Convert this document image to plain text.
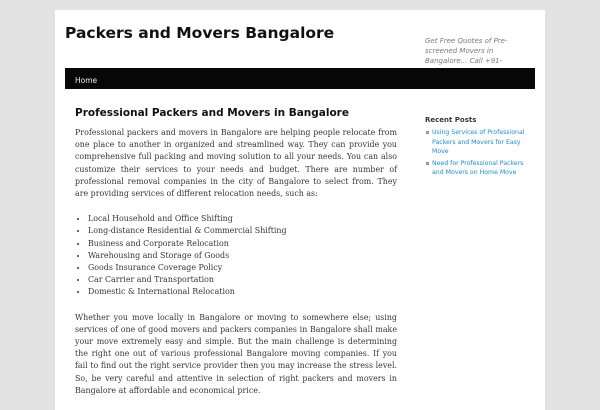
Packers and Movers Bangalore	Get Free Quotes of Pre-screened Movers in Bangalore... Call +91-

Home
Professional Packers and Movers in Bangalore

Professional packers and movers in Bangalore are helping people relocate from one place to another in organized and streamlined way. They can provide you comprehensive full packing and moving solution to all your needs. You can also customize their services to your needs and budget. There are number of professional removal companies in the city of Bangalore to select from. They are providing services of different relocation needs, such as:

• Local Household and Office Shifting
• Long-distance Residential & Commercial Shifting
• Business and Corporate Relocation
• Warehousing and Storage of Goods
• Goods Insurance Coverage Policy
• Car Carrier and Transportation
• Domestic & International Relocation

Whether you move locally in Bangalore or moving to somewhere else; using services of one of good movers and packers companies in Bangalore shall make your move extremely easy and simple. But the main challenge is determining the right one out of various professional Bangalore moving companies. If you fail to find out the right service provider then you may increase the stress level. So, be very careful and attentive in selection of right packers and movers in Bangalore at affordable and economical price.

Recent Posts
Using Services of Professional Packers and Movers for Easy Move
Need for Professional Packers and Movers on Home Move
